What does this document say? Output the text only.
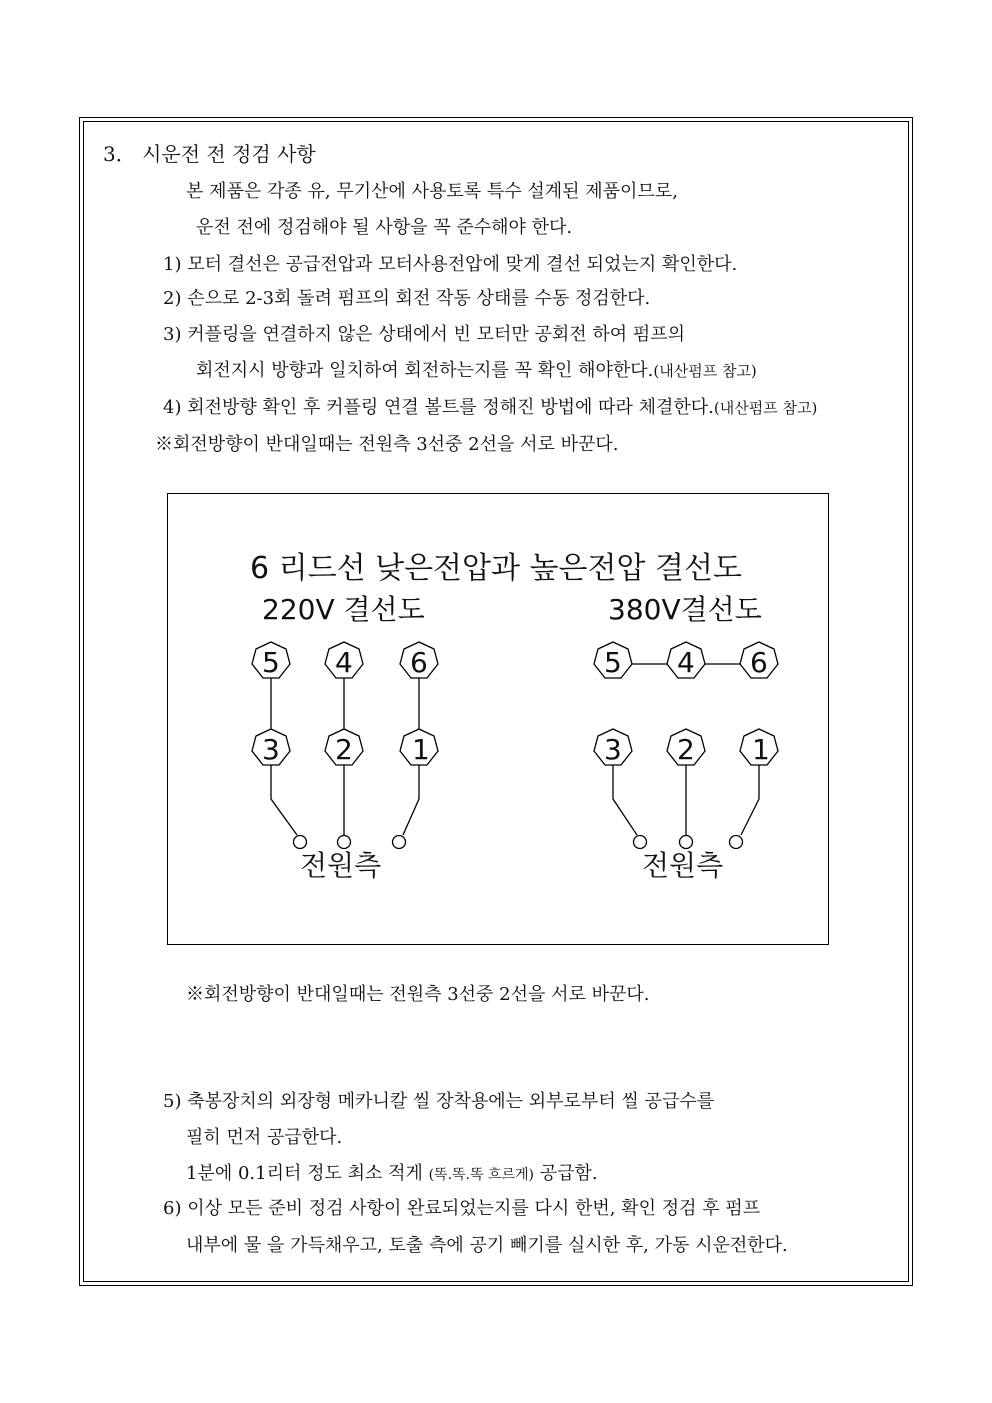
3． 시운전 전 정검 사항
본 제품은 각종 유, 무기산에 사용토록 특수 설계된 제품이므로,
운전 전에 정검해야 될 사항을 꼭 준수해야 한다.
1) 모터 결선은 공급전압과 모터사용전압에 맞게 결선 되었는지 확인한다.
2) 손으로 2-3회 돌려 펌프의 회전 작동 상태를 수동 정검한다.
3) 커플링을 연결하지 않은 상태에서 빈 모터만 공회전 하여 펌프의
회전지시 방향과 일치하여 회전하는지를 꼭 확인 해야한다.(내산펌프 참고)
4) 회전방향 확인 후 커플링 연결 볼트를 정해진 방법에 따라 체결한다.(내산펌프 참고)
※회전방향이 반대일때는 전원측 3선중 2선을 서로 바꾼다.
6 리드선 낮은전압과 높은전압 결선도
220V 결선도	380V결선도
5 4 6
3 2 1
5 4 6
3 2 1
전원측	전원측
※회전방향이 반대일때는 전원측 3선중 2선을 서로 바꾼다.
5) 축봉장치의 외장형 메카니칼 씰 장착용에는 외부로부터 씰 공급수를
필히 먼저 공급한다.
1분에 0.1리터 정도 최소 적게 (똑.똑.똑 흐르게) 공급함.
6) 이상 모든 준비 정검 사항이 완료되었는지를 다시 한번, 확인 정검 후 펌프
내부에 물 을 가득채우고, 토출 측에 공기 빼기를 실시한 후, 가동 시운전한다.
